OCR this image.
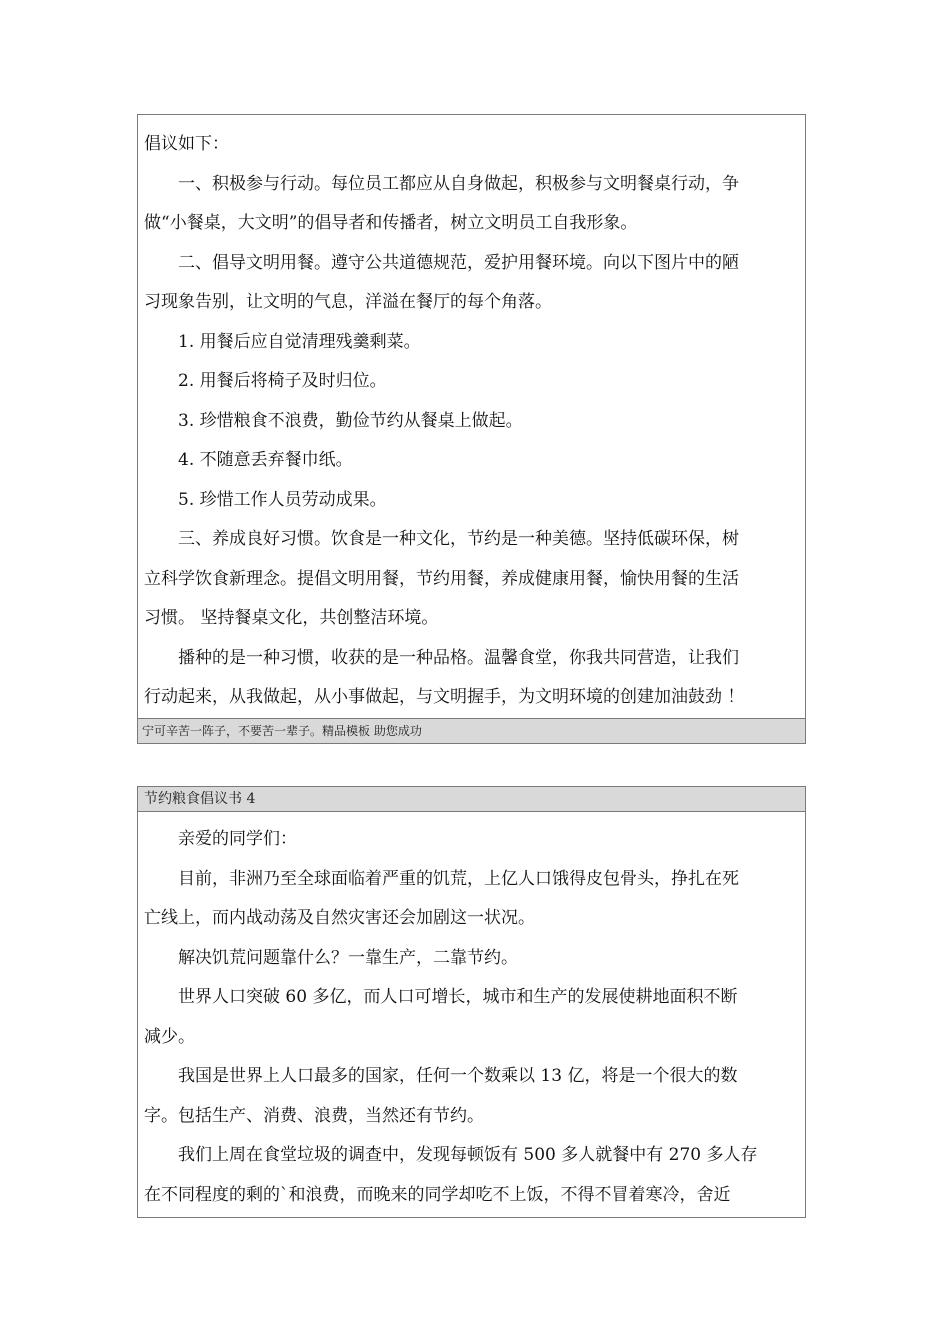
倡议如下：

一、积极参与行动。每位员工都应从自身做起，积极参与文明餐桌行动，争

做“小餐桌，大文明”的倡导者和传播者，树立文明员工自我形象。

二、倡导文明用餐。遵守公共道德规范，爱护用餐环境。向以下图片中的陋

习现象告别，让文明的气息，洋溢在餐厅的每个角落。

1. 用餐后应自觉清理残羹剩菜。

2. 用餐后将椅子及时归位。

3. 珍惜粮食不浪费，勤俭节约从餐桌上做起。

4. 不随意丢弃餐巾纸。

5. 珍惜工作人员劳动成果。

三、养成良好习惯。饮食是一种文化，节约是一种美德。坚持低碳环保，树

立科学饮食新理念。提倡文明用餐，节约用餐，养成健康用餐，愉快用餐的生活

习惯。 坚持餐桌文化，共创整洁环境。

播种的是一种习惯，收获的是一种品格。温馨食堂，你我共同营造，让我们

行动起来，从我做起，从小事做起，与文明握手，为文明环境的创建加油鼓劲 ！

宁可辛苦一阵子，不要苦一辈子。精品模板 助您成功
节约粮食倡议书 4

亲爱的同学们：

目前，非洲乃至全球面临着严重的饥荒，上亿人口饿得皮包骨头，挣扎在死

亡线上，而内战动荡及自然灾害还会加剧这一状况。

解决饥荒问题靠什么？一靠生产，二靠节约。

世界人口突破 60 多亿，而人口可增长，城市和生产的发展使耕地面积不断

减少。

我国是世界上人口最多的国家，任何一个数乘以 13 亿，将是一个很大的数

字。包括生产、消费、浪费，当然还有节约。

我们上周在食堂垃圾的调查中，发现每顿饭有 500 多人就餐中有 270 多人存

在不同程度的剩的`和浪费，而晚来的同学却吃不上饭，不得不冒着寒冷，舍近
